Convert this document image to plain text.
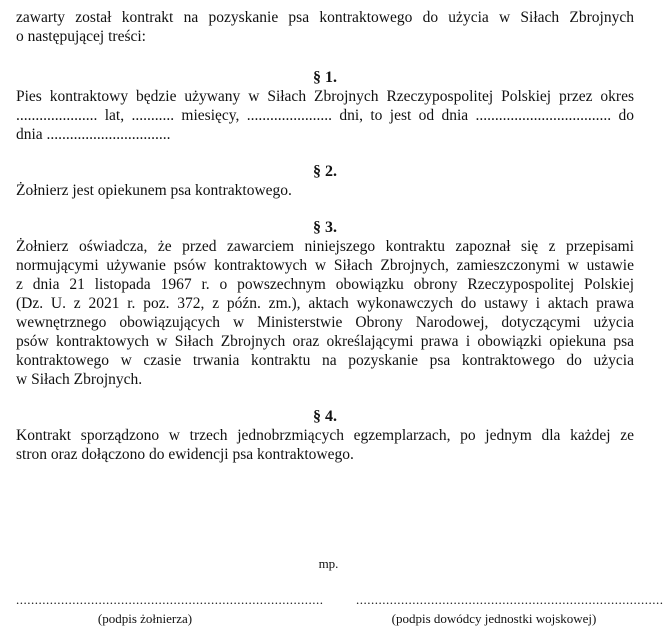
zawarty został kontrakt na pozyskanie psa kontraktowego do użycia w Siłach Zbrojnych
o następującej treści:
§ 1.
Pies kontraktowy będzie używany w Siłach Zbrojnych Rzeczypospolitej Polskiej przez okres
..................... lat, ........... miesięcy, ...................... dni, to jest od dnia ................................... do
dnia ................................
§ 2.
Żołnierz jest opiekunem psa kontraktowego.
§ 3.
Żołnierz oświadcza, że przed zawarciem niniejszego kontraktu zapoznał się z przepisami
normującymi używanie psów kontraktowych w Siłach Zbrojnych, zamieszczonymi w ustawie
z dnia 21 listopada 1967 r. o powszechnym obowiązku obrony Rzeczypospolitej Polskiej
(Dz. U. z 2021 r. poz. 372, z późn. zm.), aktach wykonawczych do ustawy i aktach prawa
wewnętrznego obowiązujących w Ministerstwie Obrony Narodowej, dotyczącymi użycia
psów kontraktowych w Siłach Zbrojnych oraz określającymi prawa i obowiązki opiekuna psa
kontraktowego w czasie trwania kontraktu na pozyskanie psa kontraktowego do użycia
w Siłach Zbrojnych.
§ 4.
Kontrakt sporządzono w trzech jednobrzmiących egzemplarzach, po jednym dla każdej ze
stron oraz dołączono do ewidencji psa kontraktowego.
mp.
..................................................................................
(podpis żołnierza)
..................................................................................
(podpis dowódcy jednostki wojskowej)
